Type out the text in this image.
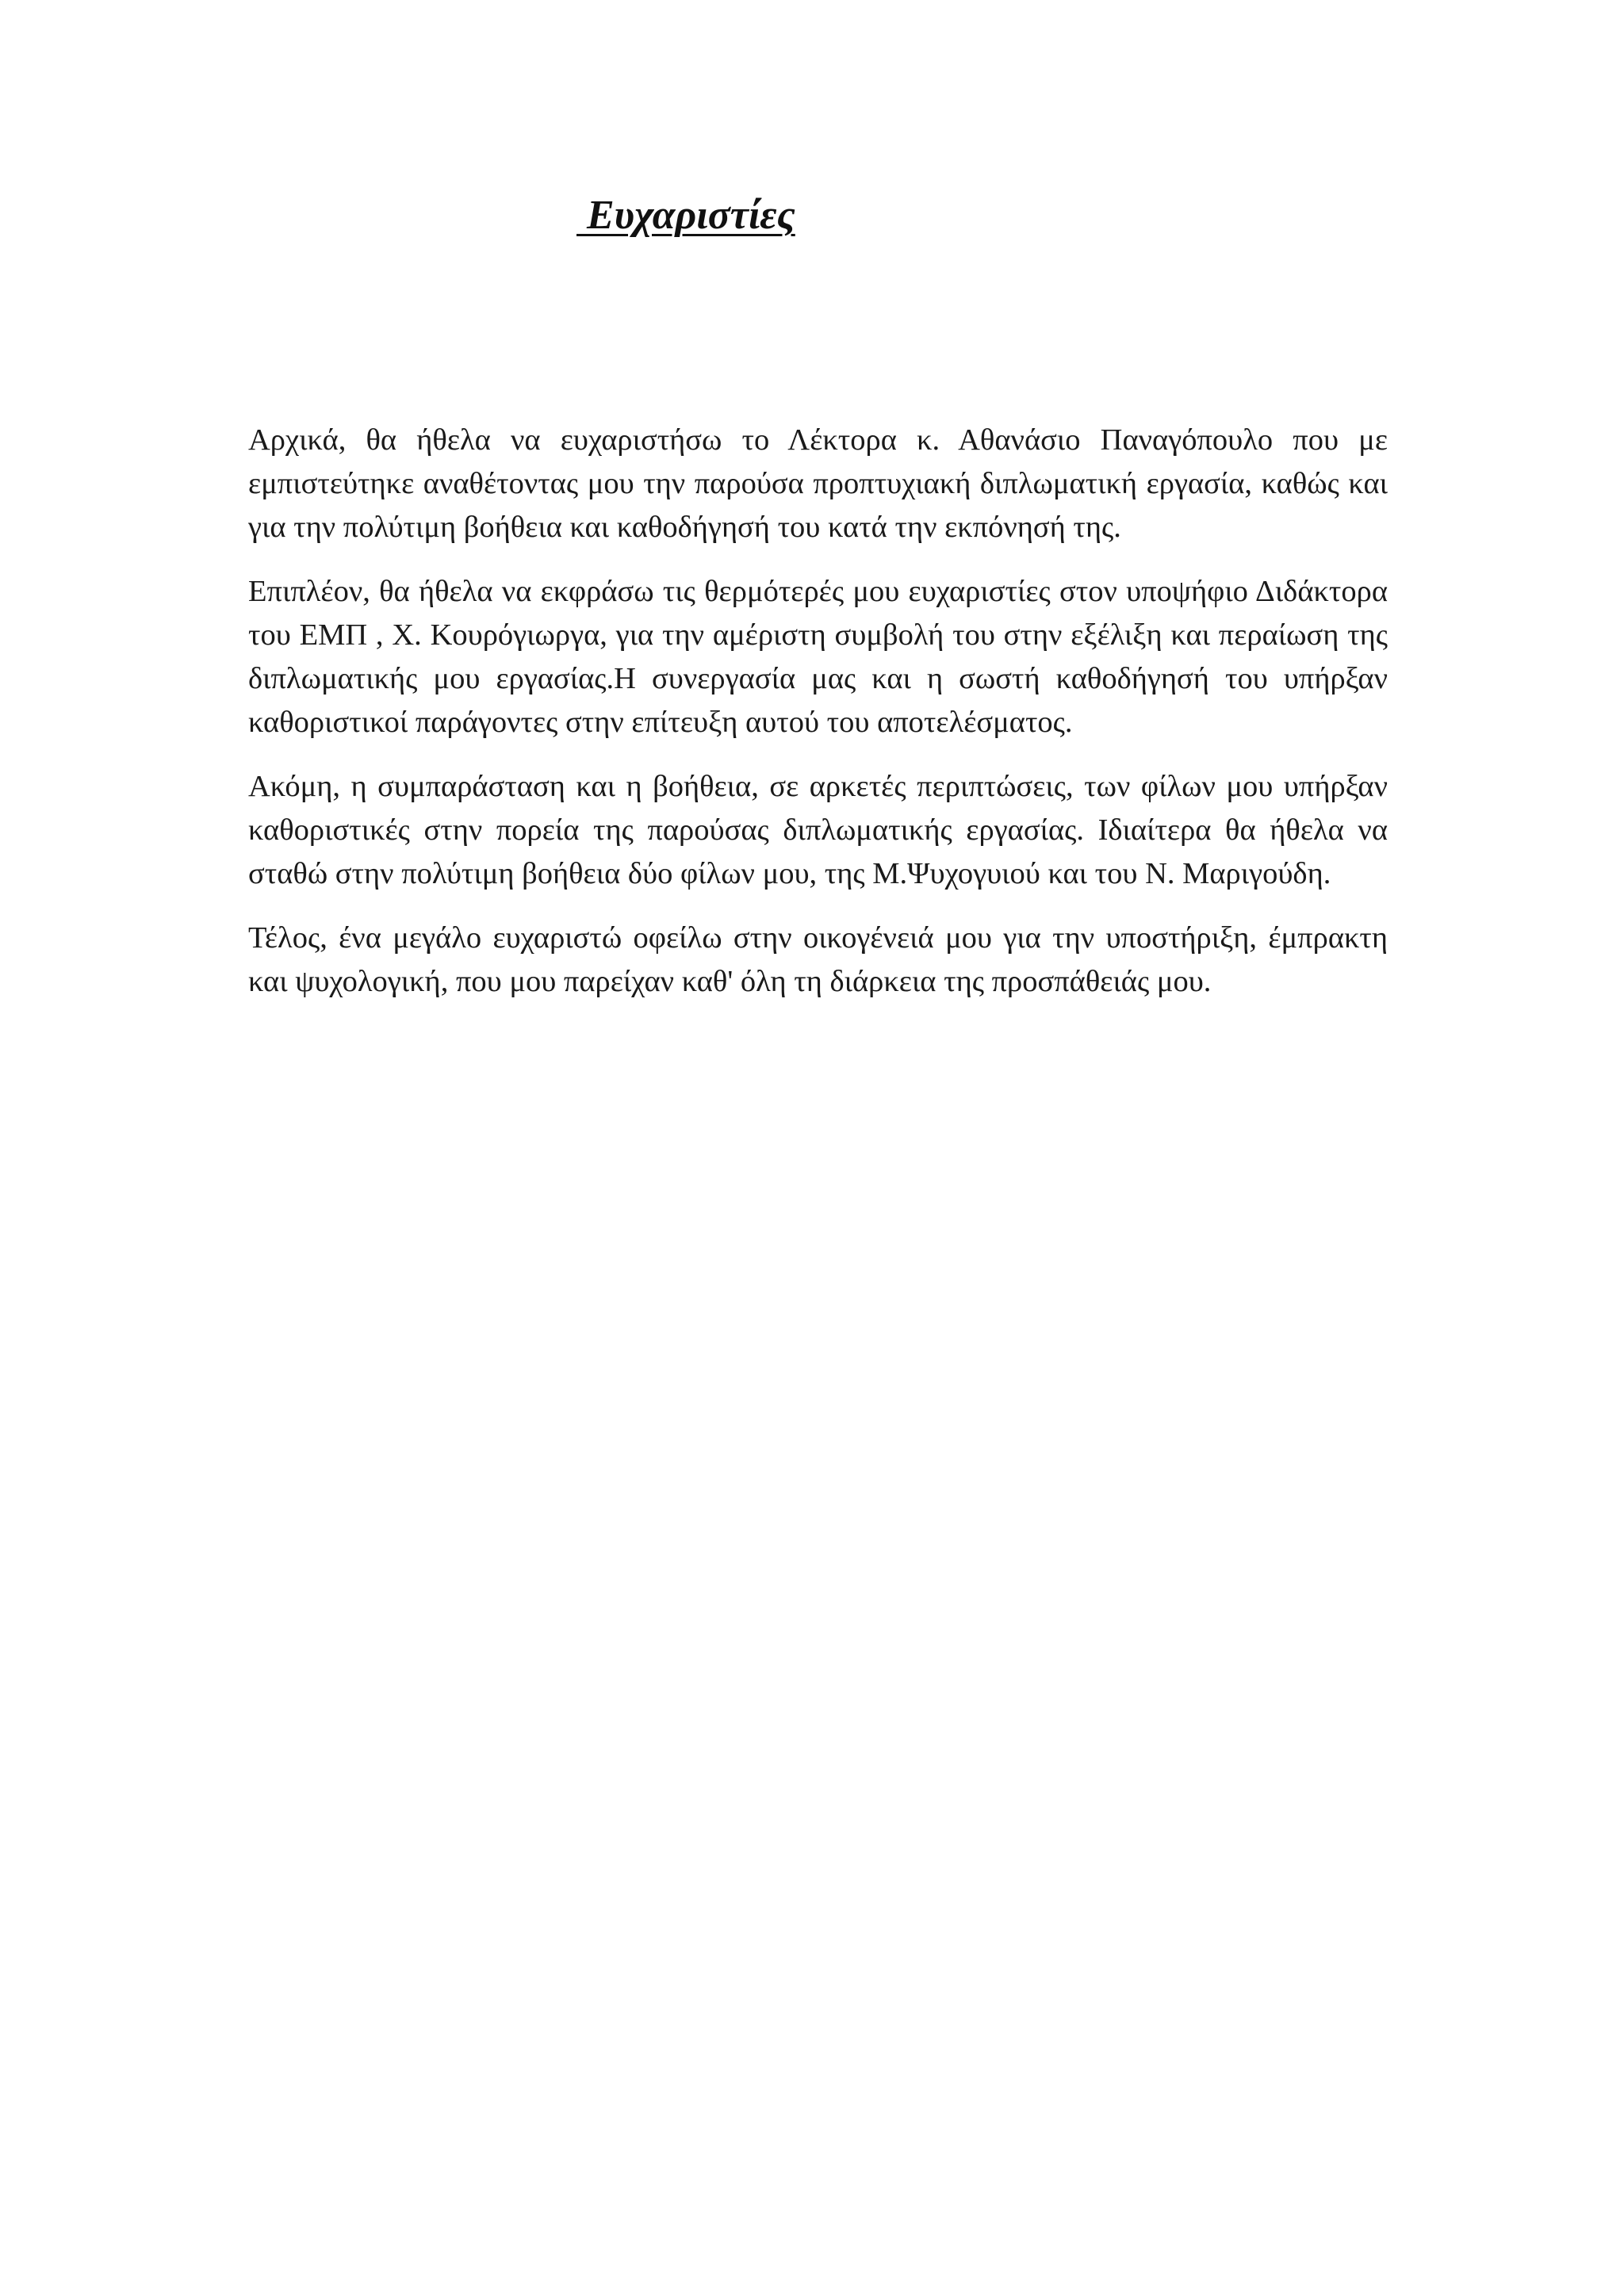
Ευχαριστίες

Αρχικά, θα ήθελα να ευχαριστήσω το Λέκτορα κ. Αθανάσιο Παναγόπουλο που με εμπιστεύτηκε αναθέτοντας μου την παρούσα προπτυχιακή διπλωματική εργασία, καθώς και για την πολύτιμη βοήθεια και καθοδήγησή του κατά την εκπόνησή της.

Επιπλέον, θα ήθελα να εκφράσω τις θερμότερές μου ευχαριστίες στον υποψήφιο Διδάκτορα του ΕΜΠ , Χ. Κουρόγιωργα, για την αμέριστη συμβολή του στην εξέλιξη και περαίωση της διπλωματικής μου εργασίας.Η συνεργασία μας και η σωστή καθοδήγησή του υπήρξαν καθοριστικοί παράγοντες στην επίτευξη αυτού του αποτελέσματος.

Ακόμη, η συμπαράσταση και η βοήθεια, σε αρκετές περιπτώσεις, των φίλων μου υπήρξαν καθοριστικές στην πορεία της παρούσας διπλωματικής εργασίας. Ιδιαίτερα θα ήθελα να σταθώ στην πολύτιμη βοήθεια δύο φίλων μου, της Μ.Ψυχογυιού και του Ν. Μαριγούδη.

Τέλος, ένα μεγάλο ευχαριστώ οφείλω στην οικογένειά μου για την υποστήριξη, έμπρακτη και ψυχολογική, που μου παρείχαν καθ' όλη τη διάρκεια της προσπάθειάς μου.
